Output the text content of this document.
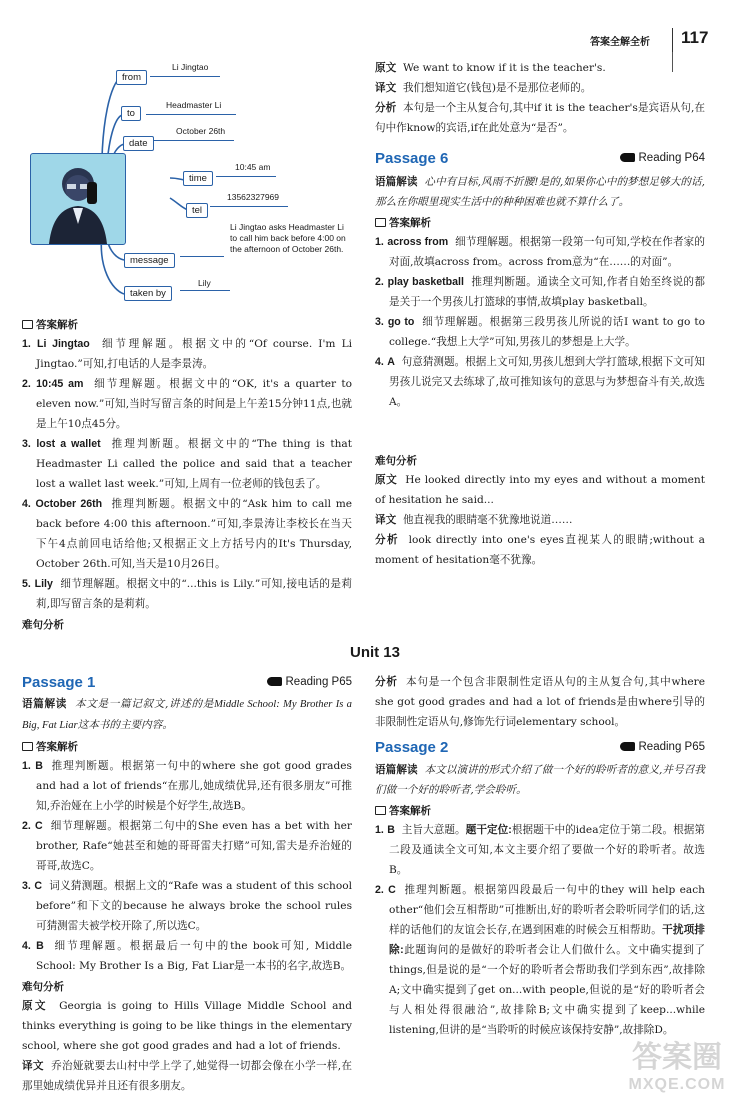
答案全解全析 117
from
to
date
time
tel
message
taken by
Li Jingtao
Headmaster Li
October 26th
10:45 am
13562327969
Li Jingtao asks Headmaster Li to call him back before 4:00 on the afternoon of October 26th.
Lily

答案解析

1. Li Jingtao 细节理解题。根据文中的“Of course. I'm Li Jingtao.”可知,打电话的人是李景涛。

2. 10:45 am 细节理解题。根据文中的“OK, it's a quarter to eleven now.”可知,当时写留言条的时间是上午差15分钟11点,也就是上午10点45分。

3. lost a wallet 推理判断题。根据文中的“The thing is that Headmaster Li called the police and said that a teacher lost a wallet last week.”可知,上周有一位老师的钱包丢了。

4. October 26th 推理判断题。根据文中的“Ask him to call me back before 4:00 this afternoon.”可知,李景涛让李校长在当天下午4点前回电话给他;又根据正文上方括号内的It's Thursday, October 26th.可知,当天是10月26日。

5. Lily 细节理解题。根据文中的“...this is Lily.”可知,接电话的是莉莉,即写留言条的是莉莉。

难句分析

原文 We want to know if it is the teacher's.

译文 我们想知道它(钱包)是不是那位老师的。

分析 本句是一个主从复合句,其中if it is the teacher's是宾语从句,在句中作know的宾语,if在此处意为“是否”。

Passage 6	Reading P64

语篇解读 心中有目标,风雨不折腰!是的,如果你心中的梦想足够大的话,那么在你眼里现实生活中的种种困难也就不算什么了。

答案解析

1. across from 细节理解题。根据第一段第一句可知,学校在作者家的对面,故填across from。across from意为“在……的对面”。

2. play basketball 推理判断题。通读全文可知,作者自始至终说的都是关于一个男孩儿打篮球的事情,故填play basketball。

3. go to 细节理解题。根据第三段男孩儿所说的话I want to go to college.“我想上大学”可知,男孩儿的梦想是上大学。

4. A 句意猜测题。根据上文可知,男孩儿想到大学打篮球,根据下文可知男孩儿说完又去练球了,故可推知该句的意思与为梦想奋斗有关,故选A。

难句分析

原文 He looked directly into my eyes and without a moment of hesitation he said...

译文 他直视我的眼睛毫不犹豫地说道……

分析 look directly into one's eyes直视某人的眼睛;without a moment of hesitation毫不犹豫。

Unit 13
Passage 1	Reading P65

语篇解读 本文是一篇记叙文,讲述的是Middle School: My Brother Is a Big, Fat Liar这本书的主要内容。

答案解析

1. B 推理判断题。根据第一句中的where she got good grades and had a lot of friends“在那儿,她成绩优异,还有很多朋友”可推知,乔治娅在上小学的时候是个好学生,故选B。

2. C 细节理解题。根据第二句中的She even has a bet with her brother, Rafe“她甚至和她的哥哥雷夫打赌”可知,雷夫是乔治娅的哥哥,故选C。

3. C 词义猜测题。根据上文的“Rafe was a student of this school before”和下文的because he always broke the school rules可猜测雷夫被学校开除了,所以选C。

4. B 细节理解题。根据最后一句中的the book可知, Middle School: My Brother Is a Big, Fat Liar是一本书的名字,故选B。

难句分析

原文 Georgia is going to Hills Village Middle School and thinks everything is going to be like things in the elementary school, where she got good grades and had a lot of friends.

译文 乔治娅就要去山村中学上学了,她觉得一切都会像在小学一样,在那里她成绩优异并且还有很多朋友。

分析 本句是一个包含非限制性定语从句的主从复合句,其中where she got good grades and had a lot of friends是由where引导的非限制性定语从句,修饰先行词elementary school。

Passage 2	Reading P65

语篇解读 本文以演讲的形式介绍了做一个好的聆听者的意义,并号召我们做一个好的聆听者,学会聆听。

答案解析

1. B 主旨大意题。题干定位:根据题干中的idea定位于第二段。根据第二段及通读全文可知,本文主要介绍了要做一个好的聆听者。故选B。

2. C 推理判断题。根据第四段最后一句中的they will help each other“他们会互相帮助”可推断出,好的聆听者会聆听同学们的话,这样的话他们的友谊会长存,在遇到困难的时候会互相帮助。干扰项排除:此题询问的是做好的聆听者会让人们做什么。文中确实提到了things,但是说的是“一个好的聆听者会帮助我们学到东西”,故排除A;文中确实提到了get on...with people,但说的是“好的聆听者会与人相处得很融洽”,故排除B;文中确实提到了keep...while listening,但讲的是“当聆听的时候应该保持安静”,故排除D。

答案圈
MXQE.COM
